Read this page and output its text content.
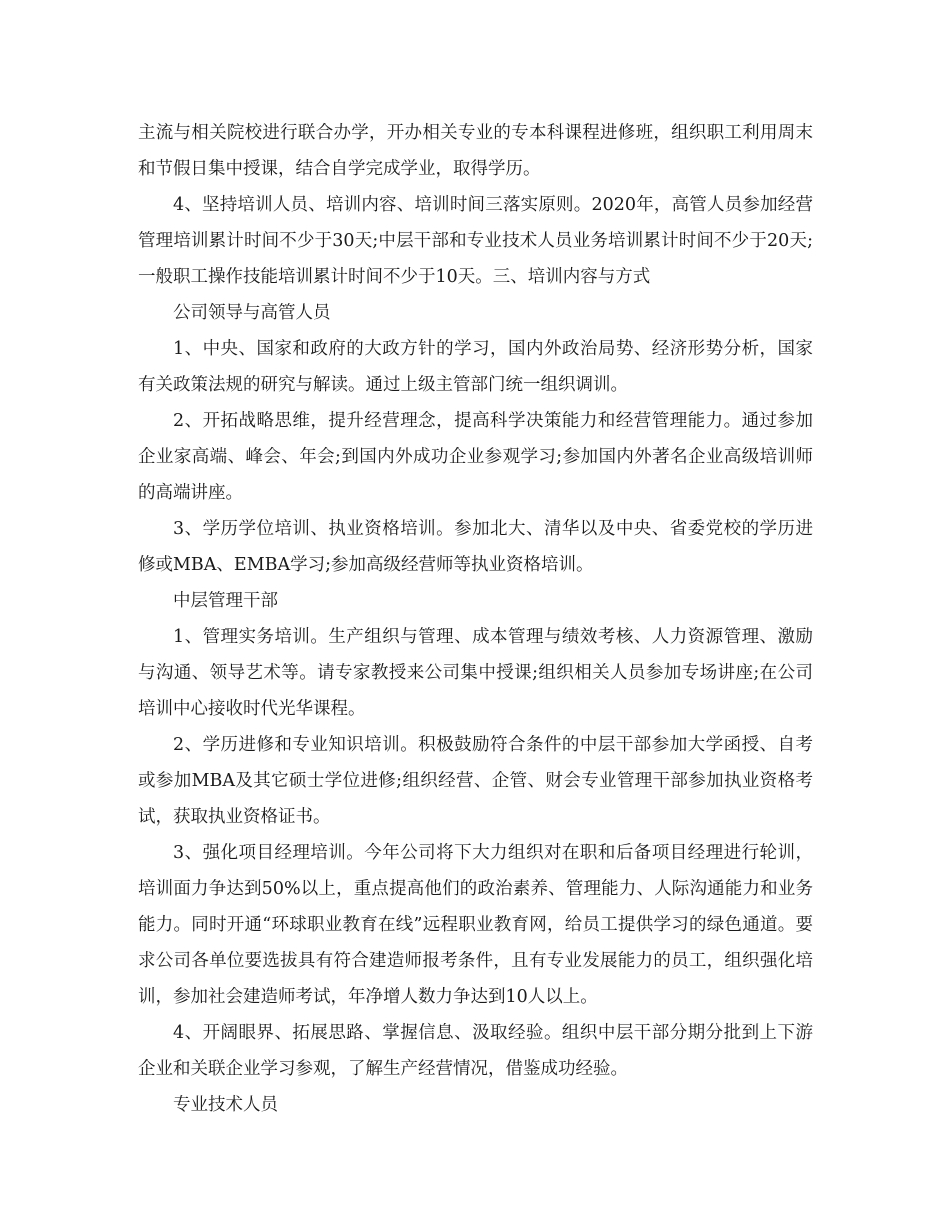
主流与相关院校进行联合办学，开办相关专业的专本科课程进修班，组织职工利用周末和节假日集中授课，结合自学完成学业，取得学历。

4、坚持培训人员、培训内容、培训时间三落实原则。2020年，高管人员参加经营管理培训累计时间不少于30天;中层干部和专业技术人员业务培训累计时间不少于20天;一般职工操作技能培训累计时间不少于10天。三、培训内容与方式

公司领导与高管人员

1、中央、国家和政府的大政方针的学习，国内外政治局势、经济形势分析，国家有关政策法规的研究与解读。通过上级主管部门统一组织调训。

2、开拓战略思维，提升经营理念，提高科学决策能力和经营管理能力。通过参加企业家高端、峰会、年会;到国内外成功企业参观学习;参加国内外著名企业高级培训师的高端讲座。

3、学历学位培训、执业资格培训。参加北大、清华以及中央、省委党校的学历进修或MBA、EMBA学习;参加高级经营师等执业资格培训。

中层管理干部

1、管理实务培训。生产组织与管理、成本管理与绩效考核、人力资源管理、激励与沟通、领导艺术等。请专家教授来公司集中授课;组织相关人员参加专场讲座;在公司培训中心接收时代光华课程。

2、学历进修和专业知识培训。积极鼓励符合条件的中层干部参加大学函授、自考或参加MBA及其它硕士学位进修;组织经营、企管、财会专业管理干部参加执业资格考试，获取执业资格证书。

3、强化项目经理培训。今年公司将下大力组织对在职和后备项目经理进行轮训，培训面力争达到50%以上，重点提高他们的政治素养、管理能力、人际沟通能力和业务能力。同时开通“环球职业教育在线”远程职业教育网，给员工提供学习的绿色通道。要求公司各单位要选拔具有符合建造师报考条件，且有专业发展能力的员工，组织强化培训，参加社会建造师考试，年净增人数力争达到10人以上。

4、开阔眼界、拓展思路、掌握信息、汲取经验。组织中层干部分期分批到上下游企业和关联企业学习参观，了解生产经营情况，借鉴成功经验。

专业技术人员
